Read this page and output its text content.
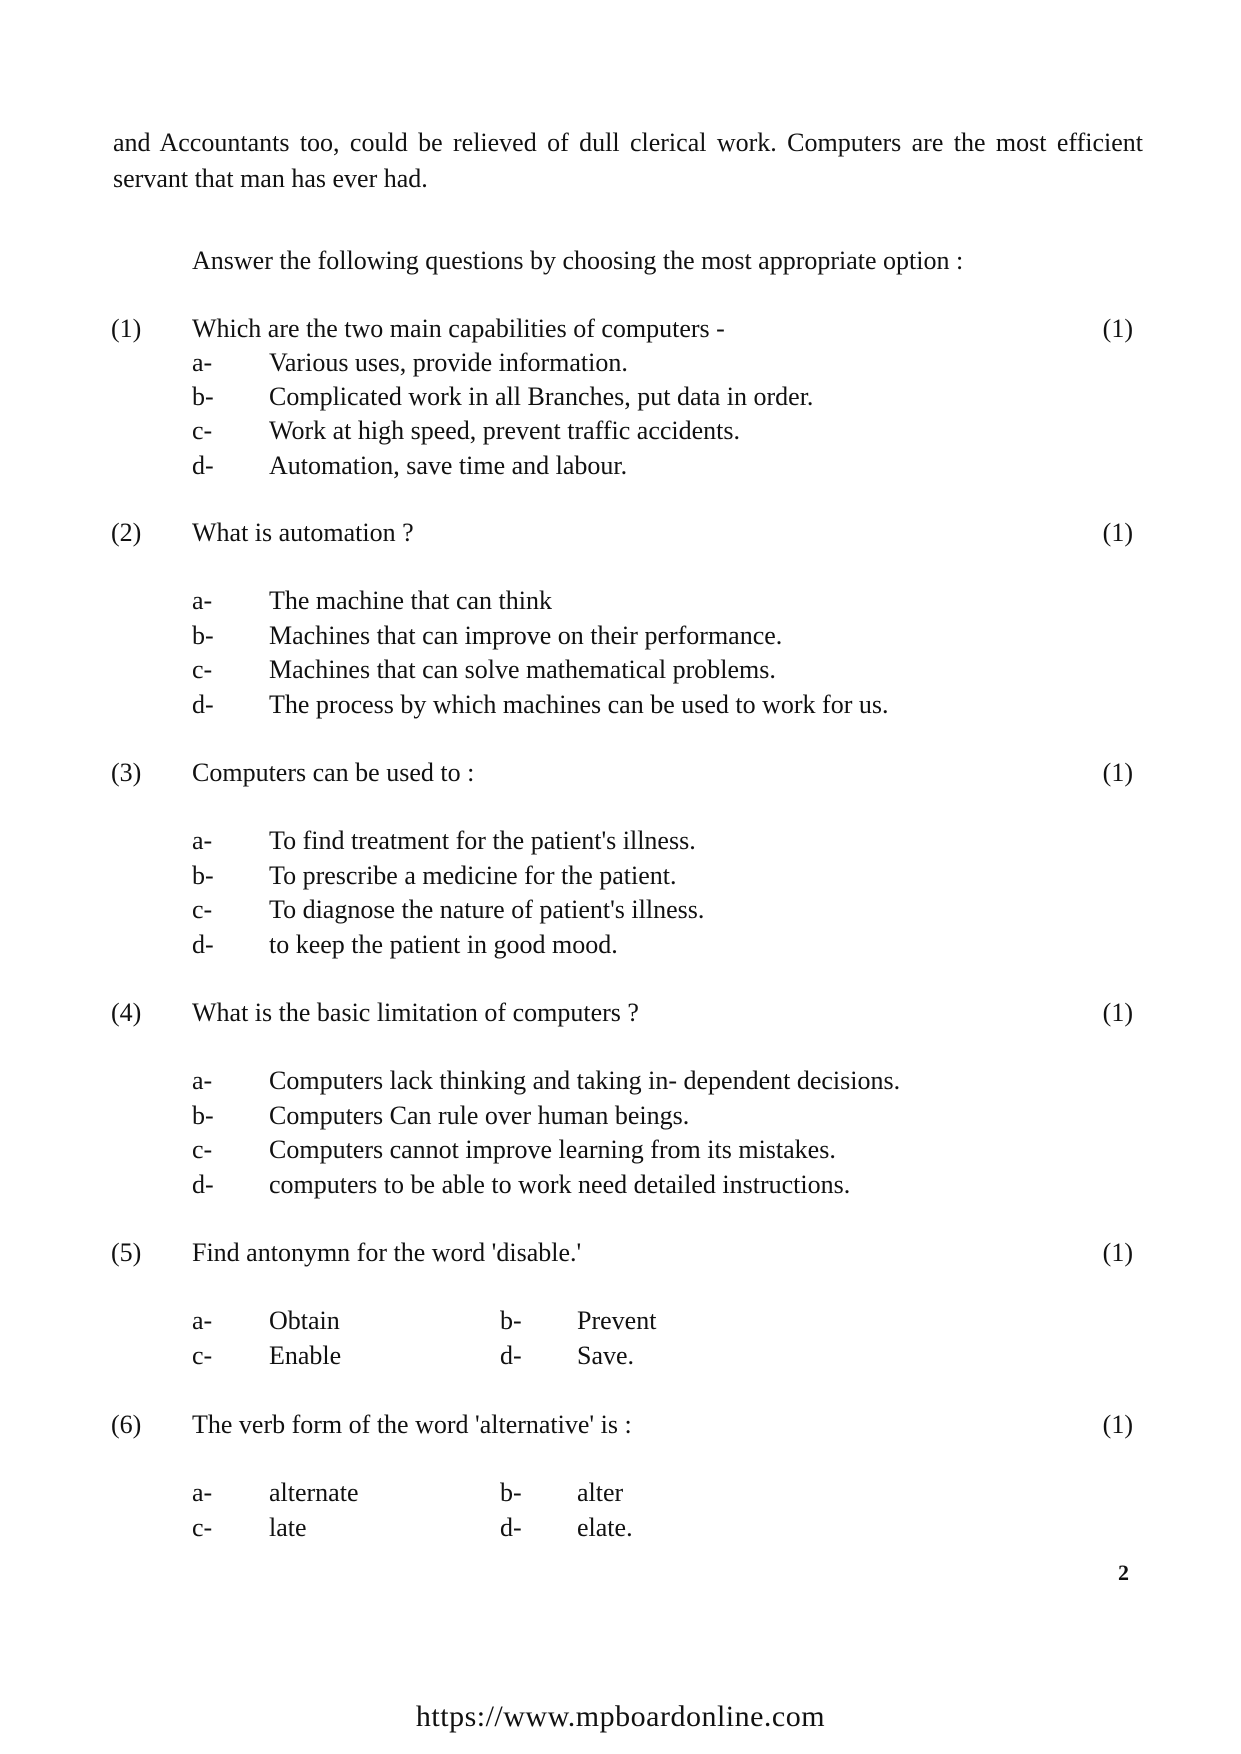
and Accountants too, could be relieved of dull clerical work. Computers are the most efficient servant that man has ever had.

Answer the following questions by choosing the most appropriate option :
(1) Which are the two main capabilities of computers -	(1)
a- Various uses, provide information.
b- Complicated work in all Branches, put data in order.
c- Work at high speed, prevent traffic accidents.
d- Automation, save time and labour.
(2) What is automation ?	(1)
a- The machine that can think
b- Machines that can improve on their performance.
c- Machines that can solve mathematical problems.
d- The process by which machines can be used to work for us.
(3) Computers can be used to :	(1)
a- To find treatment for the patient's illness.
b- To prescribe a medicine for the patient.
c- To diagnose the nature of patient's illness.
d- to keep the patient in good mood.
(4) What is the basic limitation of computers ?	(1)
a- Computers lack thinking and taking in- dependent decisions.
b- Computers Can rule over human beings.
c- Computers cannot improve learning from its mistakes.
d- computers to be able to work need detailed instructions.
(5) Find antonymn for the word 'disable.'	(1)
a- Obtain	b- Prevent
c- Enable	d- Save.
(6) The verb form of the word 'alternative' is :	(1)
a- alternate	b- alter
c- late	d- elate.
2
https://www.mpboardonline.com
